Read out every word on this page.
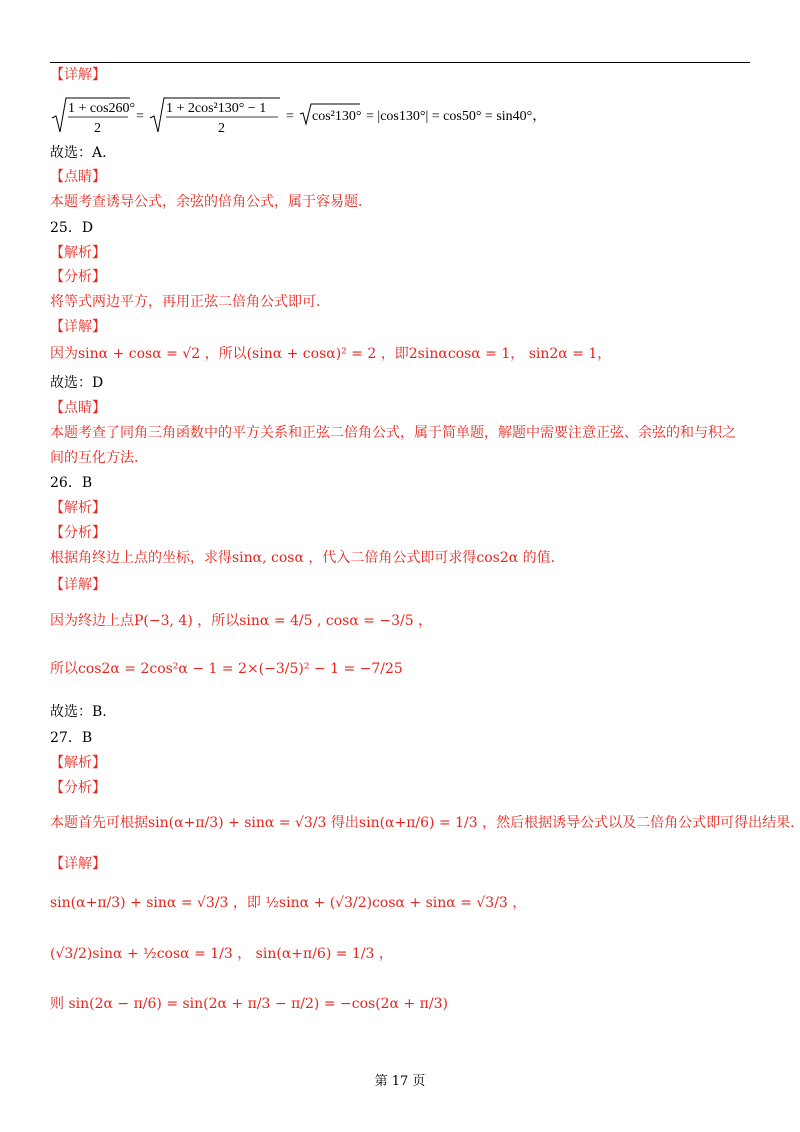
【详解】
1 + cos260°
2
=
1 + 2cos²130° − 1
2
= cos²130° = |cos130°| = cos50° = sin40°，
故选：A.
【点睛】
本题考查诱导公式，余弦的倍角公式，属于容易题.
25．D
【解析】
【分析】
将等式两边平方，再用正弦二倍角公式即可.
【详解】
因为sinα + cosα = √2 ，所以(sinα + cosα)² = 2 ，即2sinαcosα = 1， sin2α = 1，
故选：D
【点睛】
本题考查了同角三角函数中的平方关系和正弦二倍角公式，属于简单题，解题中需要注意正弦、余弦的和与积之
间的互化方法.
26．B
【解析】
【分析】
根据角终边上点的坐标，求得sinα, cosα ，代入二倍角公式即可求得cos2α 的值.
【详解】
因为终边上点P(−3, 4) ，所以sinα = 4/5 , cosα = −3/5 ，
所以cos2α = 2cos²α − 1 = 2×(−3/5)² − 1 = −7/25
故选：B.
27．B
【解析】
【分析】
本题首先可根据sin(α+π/3) + sinα = √3/3 得出sin(α+π/6) = 1/3 ，然后根据诱导公式以及二倍角公式即可得出结果.
【详解】
sin(α+π/3) + sinα = √3/3 ，即 ½sinα + (√3/2)cosα + sinα = √3/3 ，
(√3/2)sinα + ½cosα = 1/3 ， sin(α+π/6) = 1/3 ，
则 sin(2α − π/6) = sin(2α + π/3 − π/2) = −cos(2α + π/3)
第 17 页
